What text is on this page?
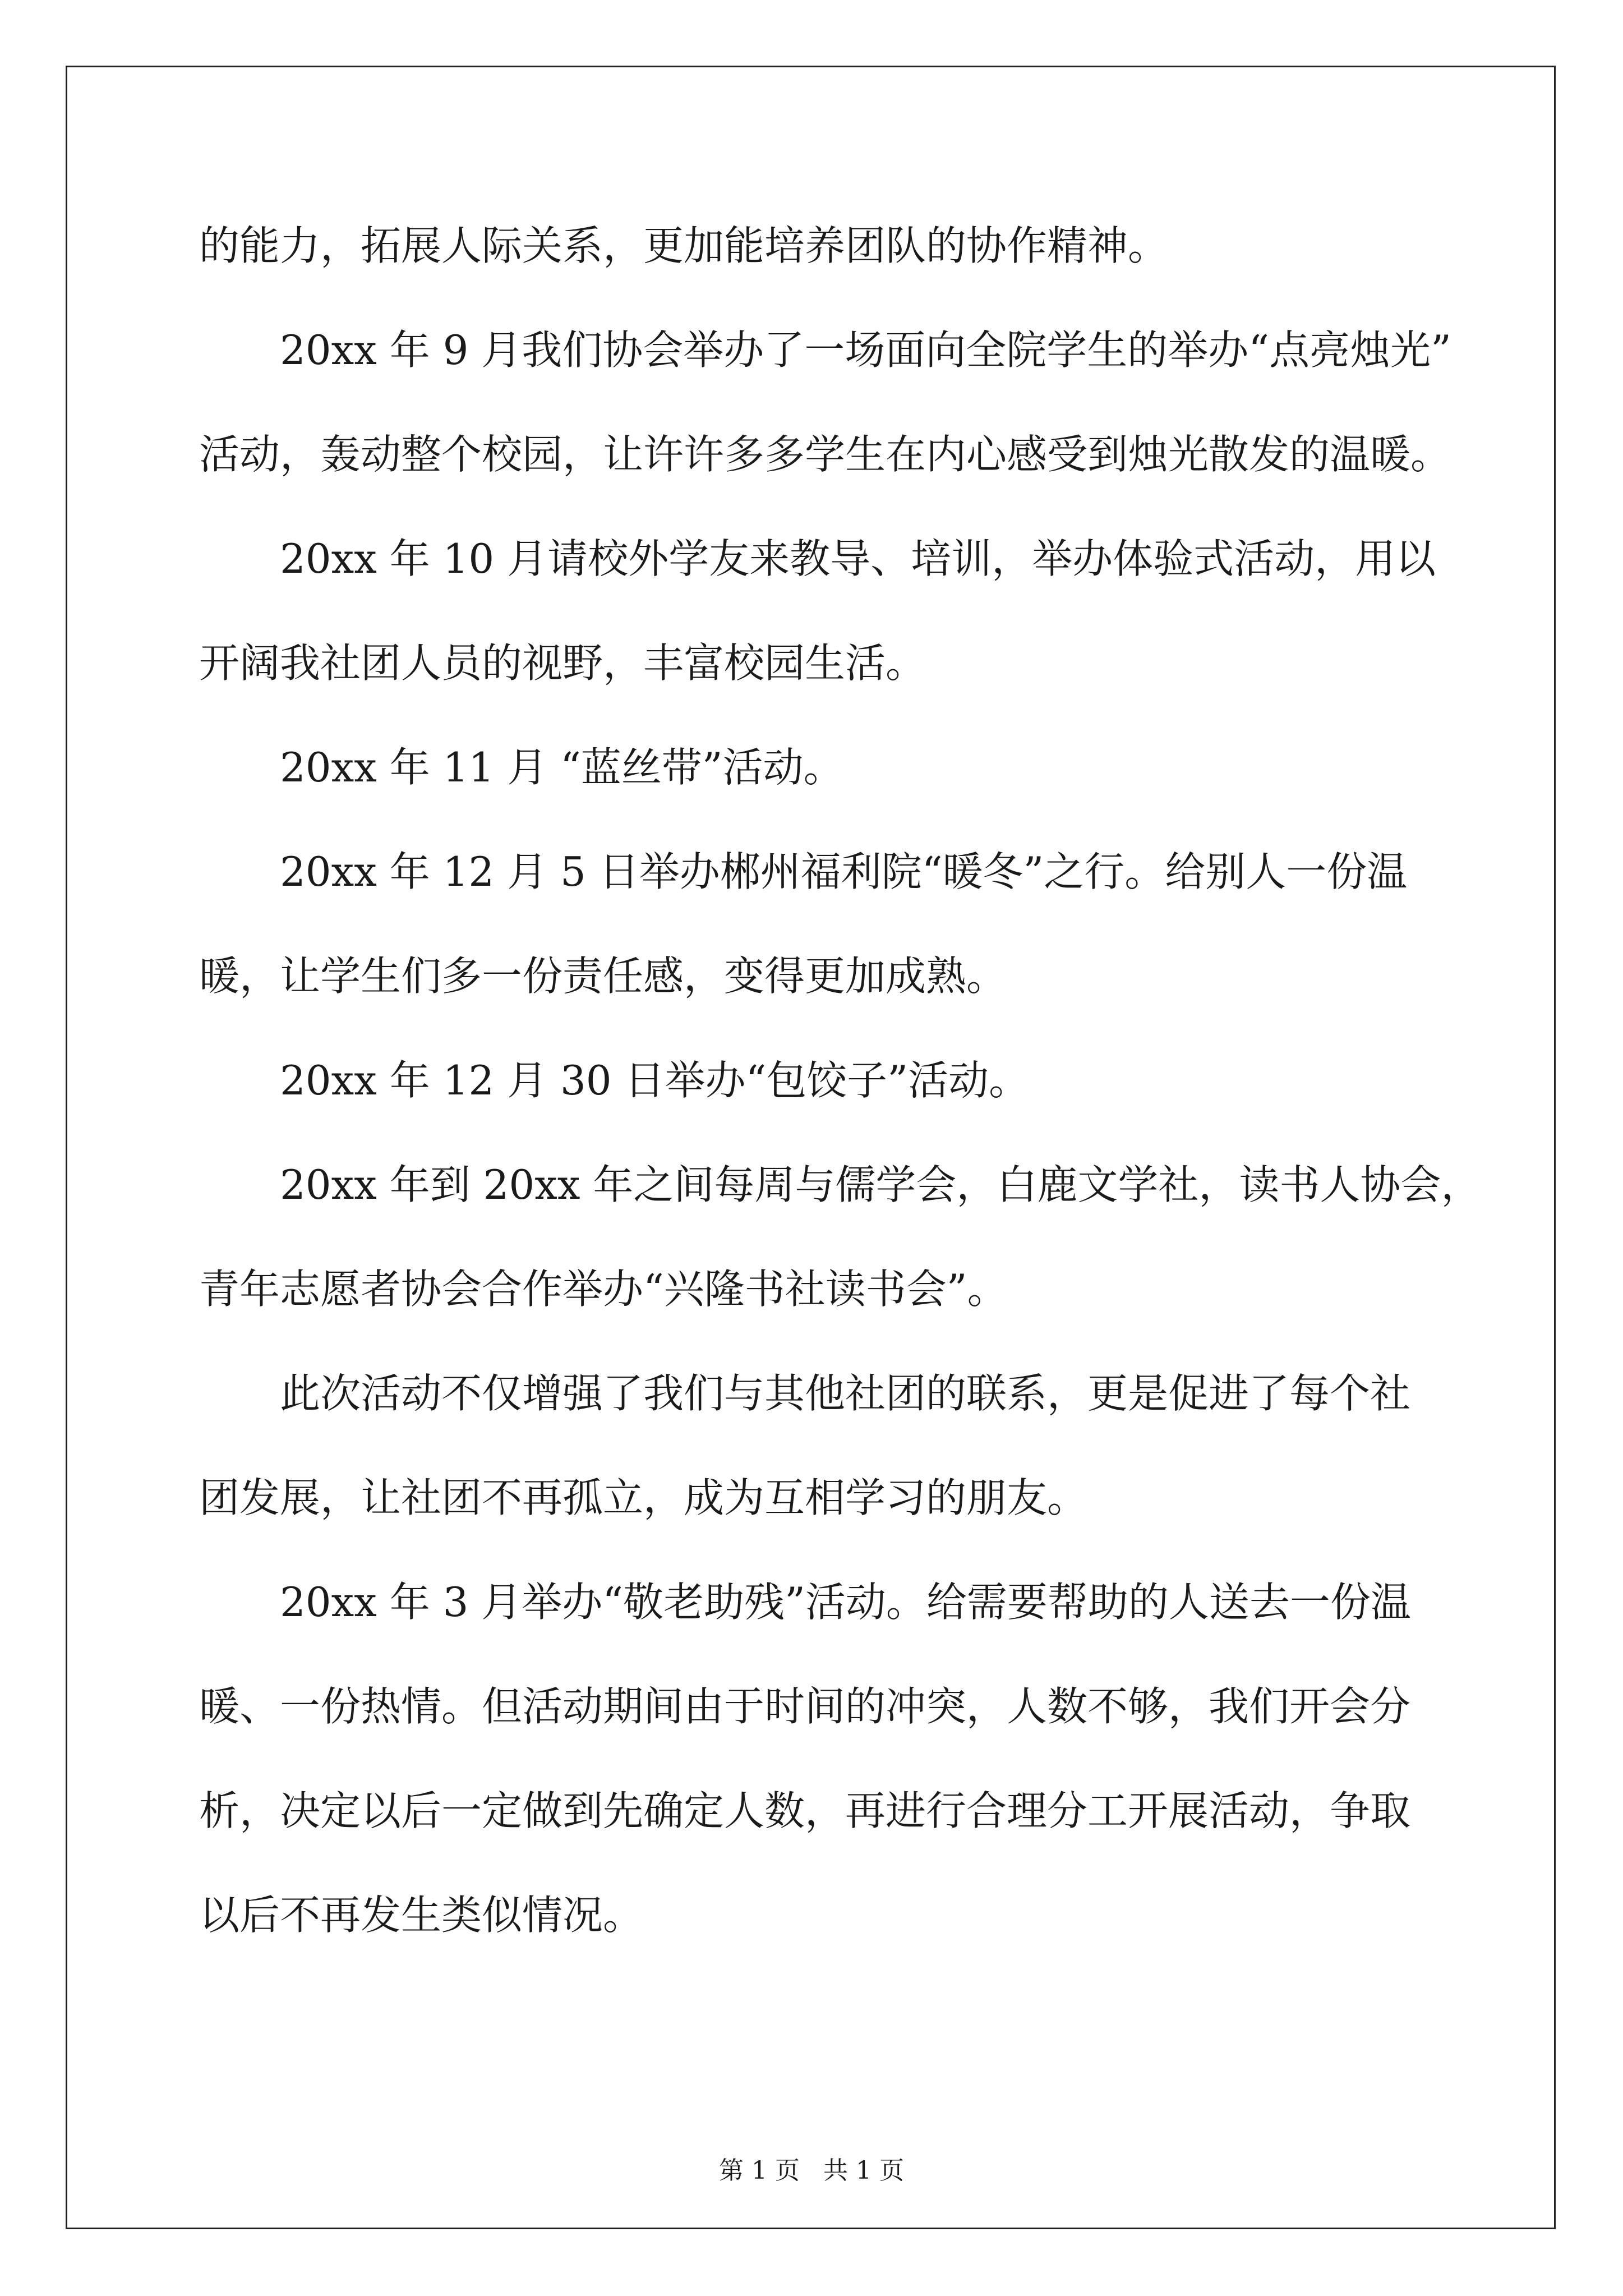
的能力，拓展人际关系，更加能培养团队的协作精神。
20xx 年 9 月我们协会举办了一场面向全院学生的举办“点亮烛光”
活动，轰动整个校园，让许许多多学生在内心感受到烛光散发的温暖。
20xx 年 10 月请校外学友来教导、培训，举办体验式活动，用以
开阔我社团人员的视野，丰富校园生活。
20xx 年 11 月 “蓝丝带”活动。
20xx 年 12 月 5 日举办郴州福利院“暖冬”之行。给别人一份温
暖，让学生们多一份责任感，变得更加成熟。
20xx 年 12 月 30 日举办“包饺子”活动。
20xx 年到 20xx 年之间每周与儒学会，白鹿文学社，读书人协会，
青年志愿者协会合作举办“兴隆书社读书会”。
此次活动不仅增强了我们与其他社团的联系，更是促进了每个社
团发展，让社团不再孤立，成为互相学习的朋友。
20xx 年 3 月举办“敬老助残”活动。给需要帮助的人送去一份温
暖、一份热情。但活动期间由于时间的冲突，人数不够，我们开会分
析，决定以后一定做到先确定人数，再进行合理分工开展活动，争取
以后不再发生类似情况。
第 1 页   共 1 页
